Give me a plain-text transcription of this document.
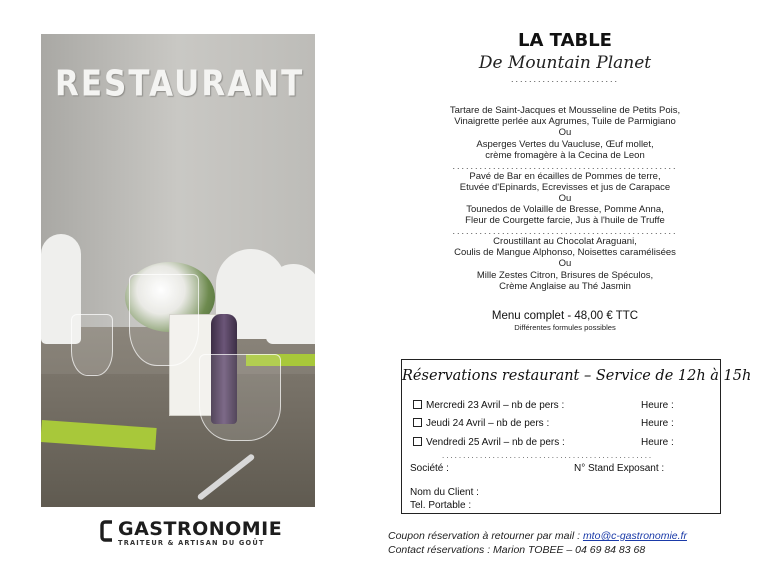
RESTAURANT
GASTRONOMIE
TRAITEUR & ARTISAN DU GOÛT
LA TABLE
De Mountain Planet
........................
Tartare de Saint-Jacques et Mousseline de Petits Pois,
Vinaigrette perlée aux Agrumes, Tuile de Parmigiano
Ou
Asperges Vertes du Vaucluse, Œuf mollet,
crème fromagère à la Cecina de Leon
..................................................
Pavé de Bar en écailles de Pommes de terre,
Etuvée d'Epinards, Ecrevisses et jus de Carapace
Ou
Tounedos de Volaille de Bresse, Pomme Anna,
Fleur de Courgette farcie, Jus à l'huile de Truffe
..................................................
Croustillant au Chocolat Araguani,
Coulis de Mangue Alphonso, Noisettes caramélisées
Ou
Mille Zestes Citron, Brisures de Spéculos,
Crème Anglaise au Thé Jasmin
Menu complet - 48,00 € TTC
Différentes formules possibles
Réservations restaurant – Service de 12h à 15h
Mercredi 23 Avril – nb de pers :	Heure :
Jeudi 24 Avril – nb de pers :	Heure :
Vendredi 25 Avril – nb de pers :	Heure :
..................................................
Société :	N° Stand Exposant :
Nom du Client :
Tel. Portable :
Coupon réservation à retourner par mail : mto@c-gastronomie.fr
Contact réservations : Marion TOBEE – 04 69 84 83 68
